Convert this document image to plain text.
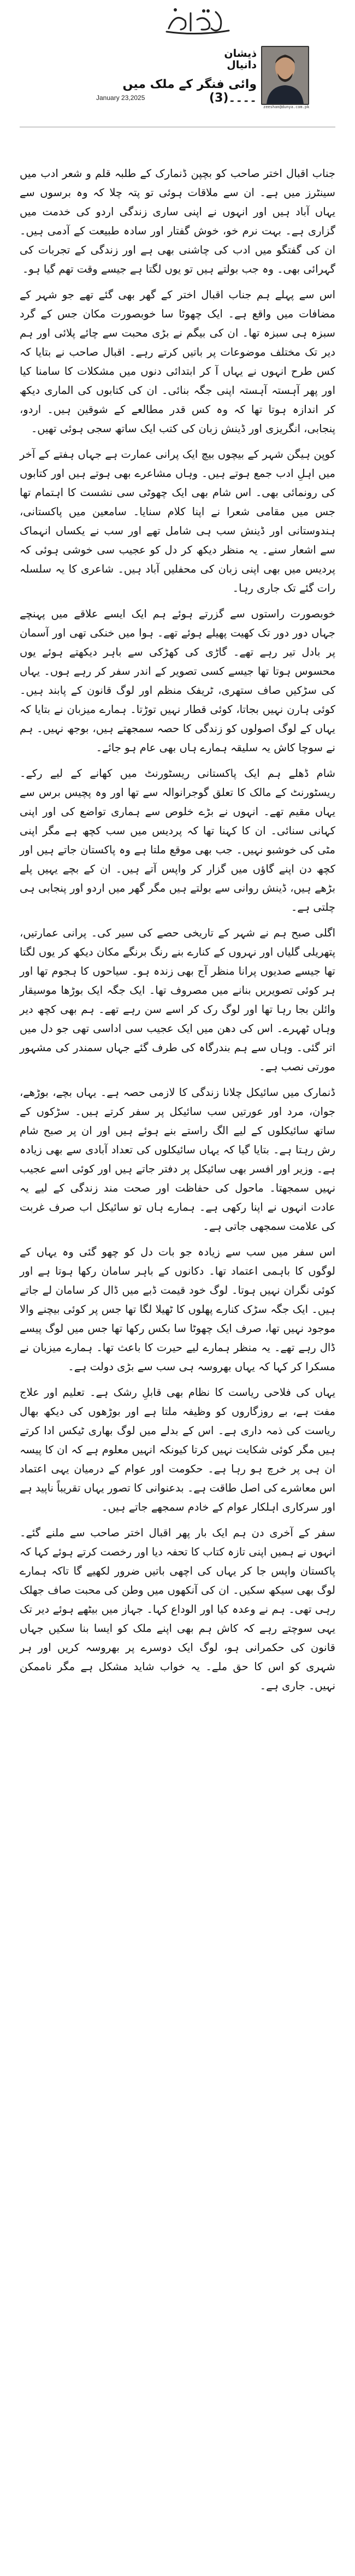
ذیشان دانیال
وائی فنگر کے ملک میں ۔۔۔۔(3)
January 23,2025
zeeshan@dunya.com.pk

جناب اقبال اختر صاحب کو بچپن ڈنمارک کے طلبہ قلم و شعر ادب میں سینٹرز میں ہے۔ ان سے ملاقات ہوئی تو پتہ چلا کہ وہ برسوں سے یہاں آباد ہیں اور انہوں نے اپنی ساری زندگی اردو کی خدمت میں گزاری ہے۔ بہت نرم خو، خوش گفتار اور سادہ طبیعت کے آدمی ہیں۔ ان کی گفتگو میں ادب کی چاشنی بھی ہے اور زندگی کے تجربات کی گہرائی بھی۔ وہ جب بولتے ہیں تو یوں لگتا ہے جیسے وقت تھم گیا ہو۔

اس سے پہلے ہم جناب اقبال اختر کے گھر بھی گئے تھے جو شہر کے مضافات میں واقع ہے۔ ایک چھوٹا سا خوبصورت مکان جس کے گرد سبزہ ہی سبزہ تھا۔ ان کی بیگم نے بڑی محبت سے چائے پلائی اور ہم دیر تک مختلف موضوعات پر باتیں کرتے رہے۔ اقبال صاحب نے بتایا کہ کس طرح انہوں نے یہاں آ کر ابتدائی دنوں میں مشکلات کا سامنا کیا اور پھر آہستہ آہستہ اپنی جگہ بنائی۔ ان کی کتابوں کی الماری دیکھ کر اندازہ ہوتا تھا کہ وہ کس قدر مطالعے کے شوقین ہیں۔ اردو، پنجابی، انگریزی اور ڈینش زبان کی کتب ایک ساتھ سجی ہوئی تھیں۔

کوپن ہیگن شہر کے بیچوں بیچ ایک پرانی عمارت ہے جہاں ہفتے کے آخر میں اہلِ ادب جمع ہوتے ہیں۔ وہاں مشاعرے بھی ہوتے ہیں اور کتابوں کی رونمائی بھی۔ اس شام بھی ایک چھوٹی سی نشست کا اہتمام تھا جس میں مقامی شعرا نے اپنا کلام سنایا۔ سامعین میں پاکستانی، ہندوستانی اور ڈینش سب ہی شامل تھے اور سب نے یکساں انہماک سے اشعار سنے۔ یہ منظر دیکھ کر دل کو عجیب سی خوشی ہوئی کہ پردیس میں بھی اپنی زبان کی محفلیں آباد ہیں۔ شاعری کا یہ سلسلہ رات گئے تک جاری رہا۔

خوبصورت راستوں سے گزرتے ہوئے ہم ایک ایسے علاقے میں پہنچے جہاں دور دور تک کھیت پھیلے ہوئے تھے۔ ہوا میں خنکی تھی اور آسمان پر بادل تیر رہے تھے۔ گاڑی کی کھڑکی سے باہر دیکھتے ہوئے یوں محسوس ہوتا تھا جیسے کسی تصویر کے اندر سفر کر رہے ہوں۔ یہاں کی سڑکیں صاف ستھری، ٹریفک منظم اور لوگ قانون کے پابند ہیں۔ کوئی ہارن نہیں بجاتا، کوئی قطار نہیں توڑتا۔ ہمارے میزبان نے بتایا کہ یہاں کے لوگ اصولوں کو زندگی کا حصہ سمجھتے ہیں، بوجھ نہیں۔ ہم نے سوچا کاش یہ سلیقہ ہمارے ہاں بھی عام ہو جائے۔

شام ڈھلے ہم ایک پاکستانی ریسٹورنٹ میں کھانے کے لیے رکے۔ ریسٹورنٹ کے مالک کا تعلق گوجرانوالہ سے تھا اور وہ پچیس برس سے یہاں مقیم تھے۔ انہوں نے بڑے خلوص سے ہماری تواضع کی اور اپنی کہانی سنائی۔ ان کا کہنا تھا کہ پردیس میں سب کچھ ہے مگر اپنی مٹی کی خوشبو نہیں۔ جب بھی موقع ملتا ہے وہ پاکستان جاتے ہیں اور کچھ دن اپنے گاؤں میں گزار کر واپس آتے ہیں۔ ان کے بچے یہیں پلے بڑھے ہیں، ڈینش روانی سے بولتے ہیں مگر گھر میں اردو اور پنجابی ہی چلتی ہے۔

اگلی صبح ہم نے شہر کے تاریخی حصے کی سیر کی۔ پرانی عمارتیں، پتھریلی گلیاں اور نہروں کے کنارے بنے رنگ برنگے مکان دیکھ کر یوں لگتا تھا جیسے صدیوں پرانا منظر آج بھی زندہ ہو۔ سیاحوں کا ہجوم تھا اور ہر کوئی تصویریں بنانے میں مصروف تھا۔ ایک جگہ ایک بوڑھا موسیقار وائلن بجا رہا تھا اور لوگ رک کر اسے سن رہے تھے۔ ہم بھی کچھ دیر وہاں ٹھہرے۔ اس کی دھن میں ایک عجیب سی اداسی تھی جو دل میں اتر گئی۔ وہاں سے ہم بندرگاہ کی طرف گئے جہاں سمندر کی مشہور مورتی نصب ہے۔

ڈنمارک میں سائیکل چلانا زندگی کا لازمی حصہ ہے۔ یہاں بچے، بوڑھے، جوان، مرد اور عورتیں سب سائیکل پر سفر کرتے ہیں۔ سڑکوں کے ساتھ سائیکلوں کے لیے الگ راستے بنے ہوئے ہیں اور ان پر صبح شام رش رہتا ہے۔ بتایا گیا کہ یہاں سائیکلوں کی تعداد آبادی سے بھی زیادہ ہے۔ وزیر اور افسر بھی سائیکل پر دفتر جاتے ہیں اور کوئی اسے عجیب نہیں سمجھتا۔ ماحول کی حفاظت اور صحت مند زندگی کے لیے یہ عادت انہوں نے اپنا رکھی ہے۔ ہمارے ہاں تو سائیکل اب صرف غربت کی علامت سمجھی جاتی ہے۔

اس سفر میں سب سے زیادہ جو بات دل کو چھو گئی وہ یہاں کے لوگوں کا باہمی اعتماد تھا۔ دکانوں کے باہر سامان رکھا ہوتا ہے اور کوئی نگران نہیں ہوتا۔ لوگ خود قیمت ڈبے میں ڈال کر سامان لے جاتے ہیں۔ ایک جگہ سڑک کنارے پھلوں کا ٹھیلا لگا تھا جس پر کوئی بیچنے والا موجود نہیں تھا، صرف ایک چھوٹا سا بکس رکھا تھا جس میں لوگ پیسے ڈال رہے تھے۔ یہ منظر ہمارے لیے حیرت کا باعث تھا۔ ہمارے میزبان نے مسکرا کر کہا کہ یہاں بھروسہ ہی سب سے بڑی دولت ہے۔

یہاں کی فلاحی ریاست کا نظام بھی قابلِ رشک ہے۔ تعلیم اور علاج مفت ہے، بے روزگاروں کو وظیفہ ملتا ہے اور بوڑھوں کی دیکھ بھال ریاست کی ذمہ داری ہے۔ اس کے بدلے میں لوگ بھاری ٹیکس ادا کرتے ہیں مگر کوئی شکایت نہیں کرتا کیونکہ انہیں معلوم ہے کہ ان کا پیسہ ان ہی پر خرچ ہو رہا ہے۔ حکومت اور عوام کے درمیان یہی اعتماد اس معاشرے کی اصل طاقت ہے۔ بدعنوانی کا تصور یہاں تقریباً ناپید ہے اور سرکاری اہلکار عوام کے خادم سمجھے جاتے ہیں۔

سفر کے آخری دن ہم ایک بار پھر اقبال اختر صاحب سے ملنے گئے۔ انہوں نے ہمیں اپنی تازہ کتاب کا تحفہ دیا اور رخصت کرتے ہوئے کہا کہ پاکستان واپس جا کر یہاں کی اچھی باتیں ضرور لکھیے گا تاکہ ہمارے لوگ بھی سیکھ سکیں۔ ان کی آنکھوں میں وطن کی محبت صاف جھلک رہی تھی۔ ہم نے وعدہ کیا اور الوداع کہا۔ جہاز میں بیٹھے ہوئے دیر تک یہی سوچتے رہے کہ کاش ہم بھی اپنے ملک کو ایسا بنا سکیں جہاں قانون کی حکمرانی ہو، لوگ ایک دوسرے پر بھروسہ کریں اور ہر شہری کو اس کا حق ملے۔ یہ خواب شاید مشکل ہے مگر ناممکن نہیں۔ جاری ہے۔
